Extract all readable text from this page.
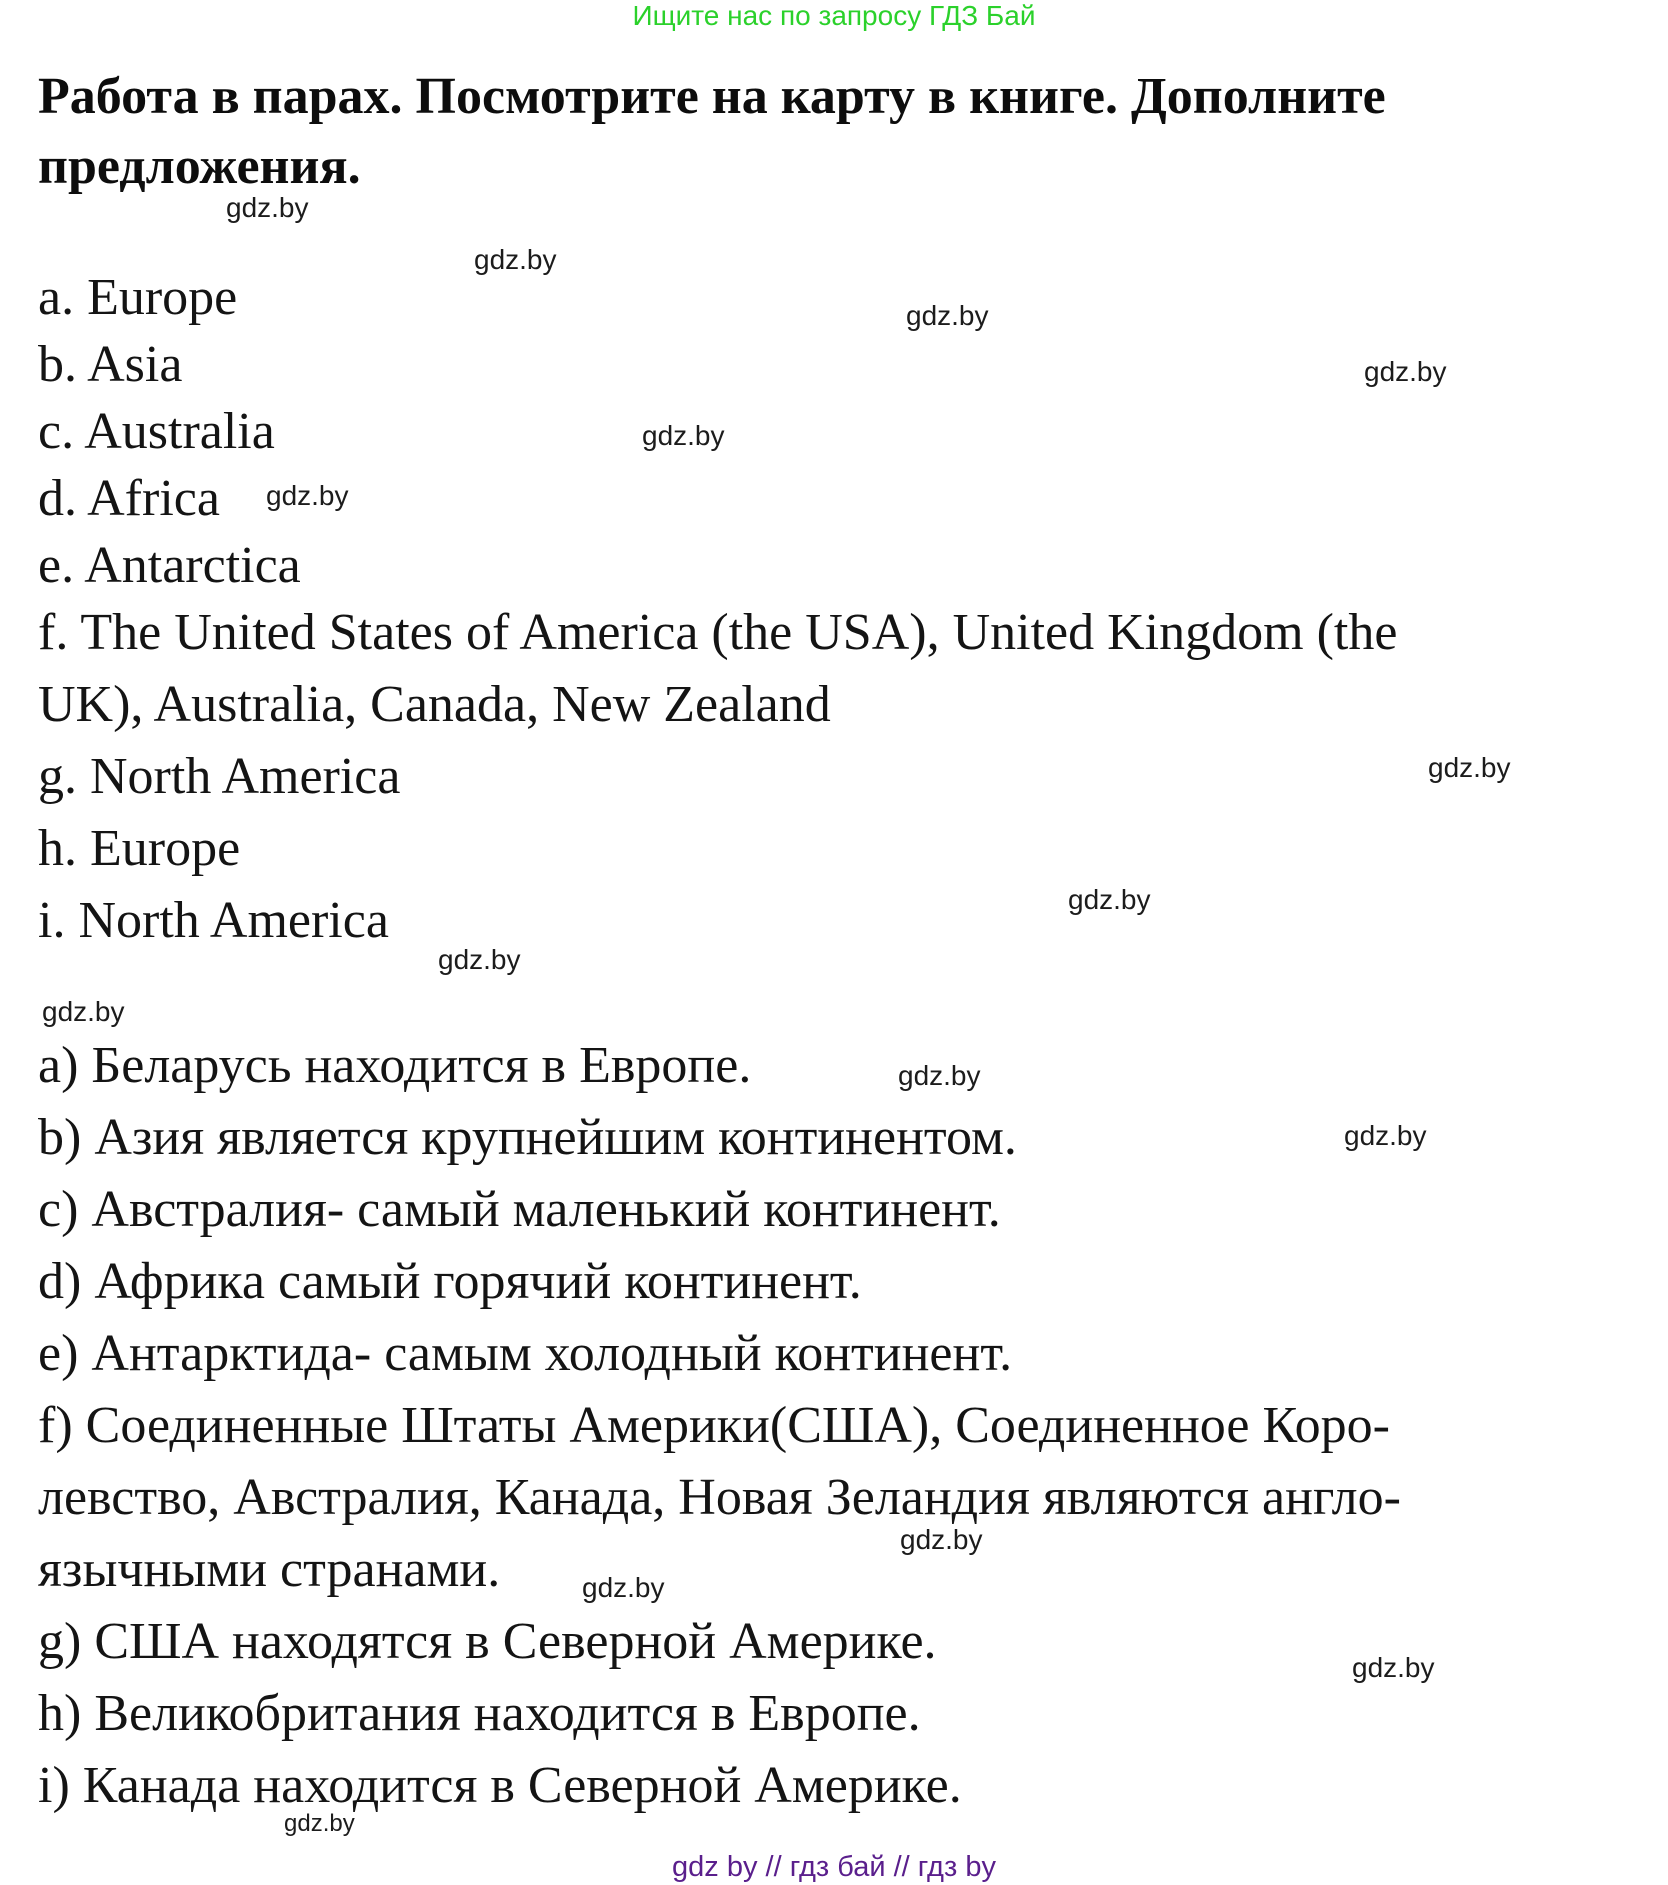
Ищите нас по запросу ГДЗ Бай
Работа в парах. Посмотрите на карту в книге. Дополните предложения.

a. Europe

b. Asia

c. Australia

d. Africa

e. Antarctica

f. The United States of America (the USA), United Kingdom (the

UK), Australia, Canada, New Zealand

g. North America

h. Europe

i. North America

a) Беларусь находится в Европе.

b) Азия является крупнейшим континентом.

c) Австралия- самый маленький континент.

d) Африка самый горячий континент.

e) Антарктида- самым холодный континент.

f) Соединенные Штаты Америки(США), Соединенное Коро-

левство, Австралия, Канада, Новая Зеландия являются англо-

язычными странами.

g) США находятся в Северной Америке.

h) Великобритания находится в Европе.

i) Канада находится в Северной Америке.

gdz.by
gdz.by
gdz.by
gdz.by
gdz.by
gdz.by
gdz.by
gdz.by
gdz.by
gdz.by
gdz.by
gdz.by
gdz.by
gdz.by
gdz.by
gdz.by
gdz by // гдз бай // гдз by
